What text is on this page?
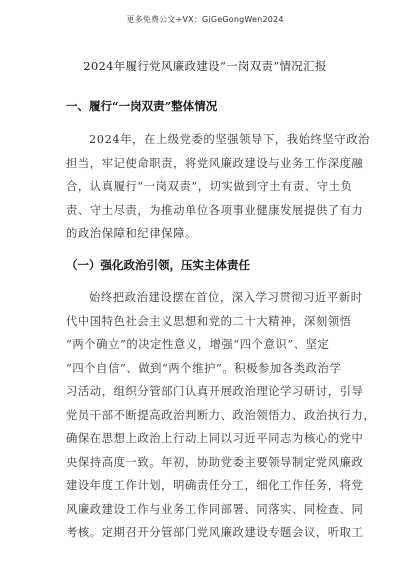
更多免费公文+VX：GiGeGongWen2024
2024年履行党风廉政建设“一岗双责”情况汇报
一、履行“一岗双责”整体情况
2024年，在上级党委的坚强领导下，我始终坚守政治
担当，牢记使命职责，将党风廉政建设与业务工作深度融
合，认真履行“一岗双责”，切实做到守土有责、守土负
责、守土尽责，为推动单位各项事业健康发展提供了有力
的政治保障和纪律保障。
（一）强化政治引领，压实主体责任
始终把政治建设摆在首位，深入学习贯彻习近平新时
代中国特色社会主义思想和党的二十大精神，深刻领悟
“两个确立”的决定性意义，增强“四个意识”、坚定
“四个自信”、做到“两个维护”。积极参加各类政治学
习活动，组织分管部门认真开展政治理论学习研讨，引导
党员干部不断提高政治判断力、政治领悟力、政治执行力，
确保在思想上政治上行动上同以习近平同志为核心的党中
央保持高度一致。年初，协助党委主要领导制定党风廉政
建设年度工作计划，明确责任分工，细化工作任务，将党
风廉政建设工作与业务工作同部署、同落实、同检查、同
考核。定期召开分管部门党风廉政建设专题会议，听取工
